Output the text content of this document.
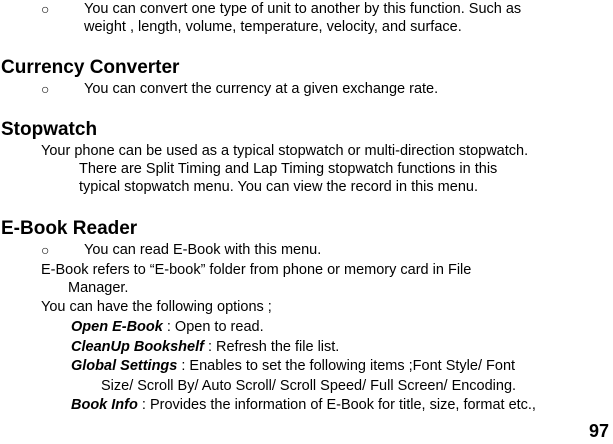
○ You can convert one type of unit to another by this function. Such as
weight , length, volume, temperature, velocity, and surface.
Currency Converter
○ You can convert the currency at a given exchange rate.
Stopwatch
Your phone can be used as a typical stopwatch or multi-direction stopwatch.
There are Split Timing and Lap Timing stopwatch functions in this
typical stopwatch menu. You can view the record in this menu.
E-Book Reader
○ You can read E-Book with this menu.
E-Book refers to “E-book” folder from phone or memory card in File
Manager.
You can have the following options ;
Open E-Book : Open to read.
CleanUp Bookshelf : Refresh the file list.
Global Settings : Enables to set the following items ;Font Style/ Font
Size/ Scroll By/ Auto Scroll/ Scroll Speed/ Full Screen/ Encoding.
Book Info : Provides the information of E-Book for title, size, format etc.,
97
